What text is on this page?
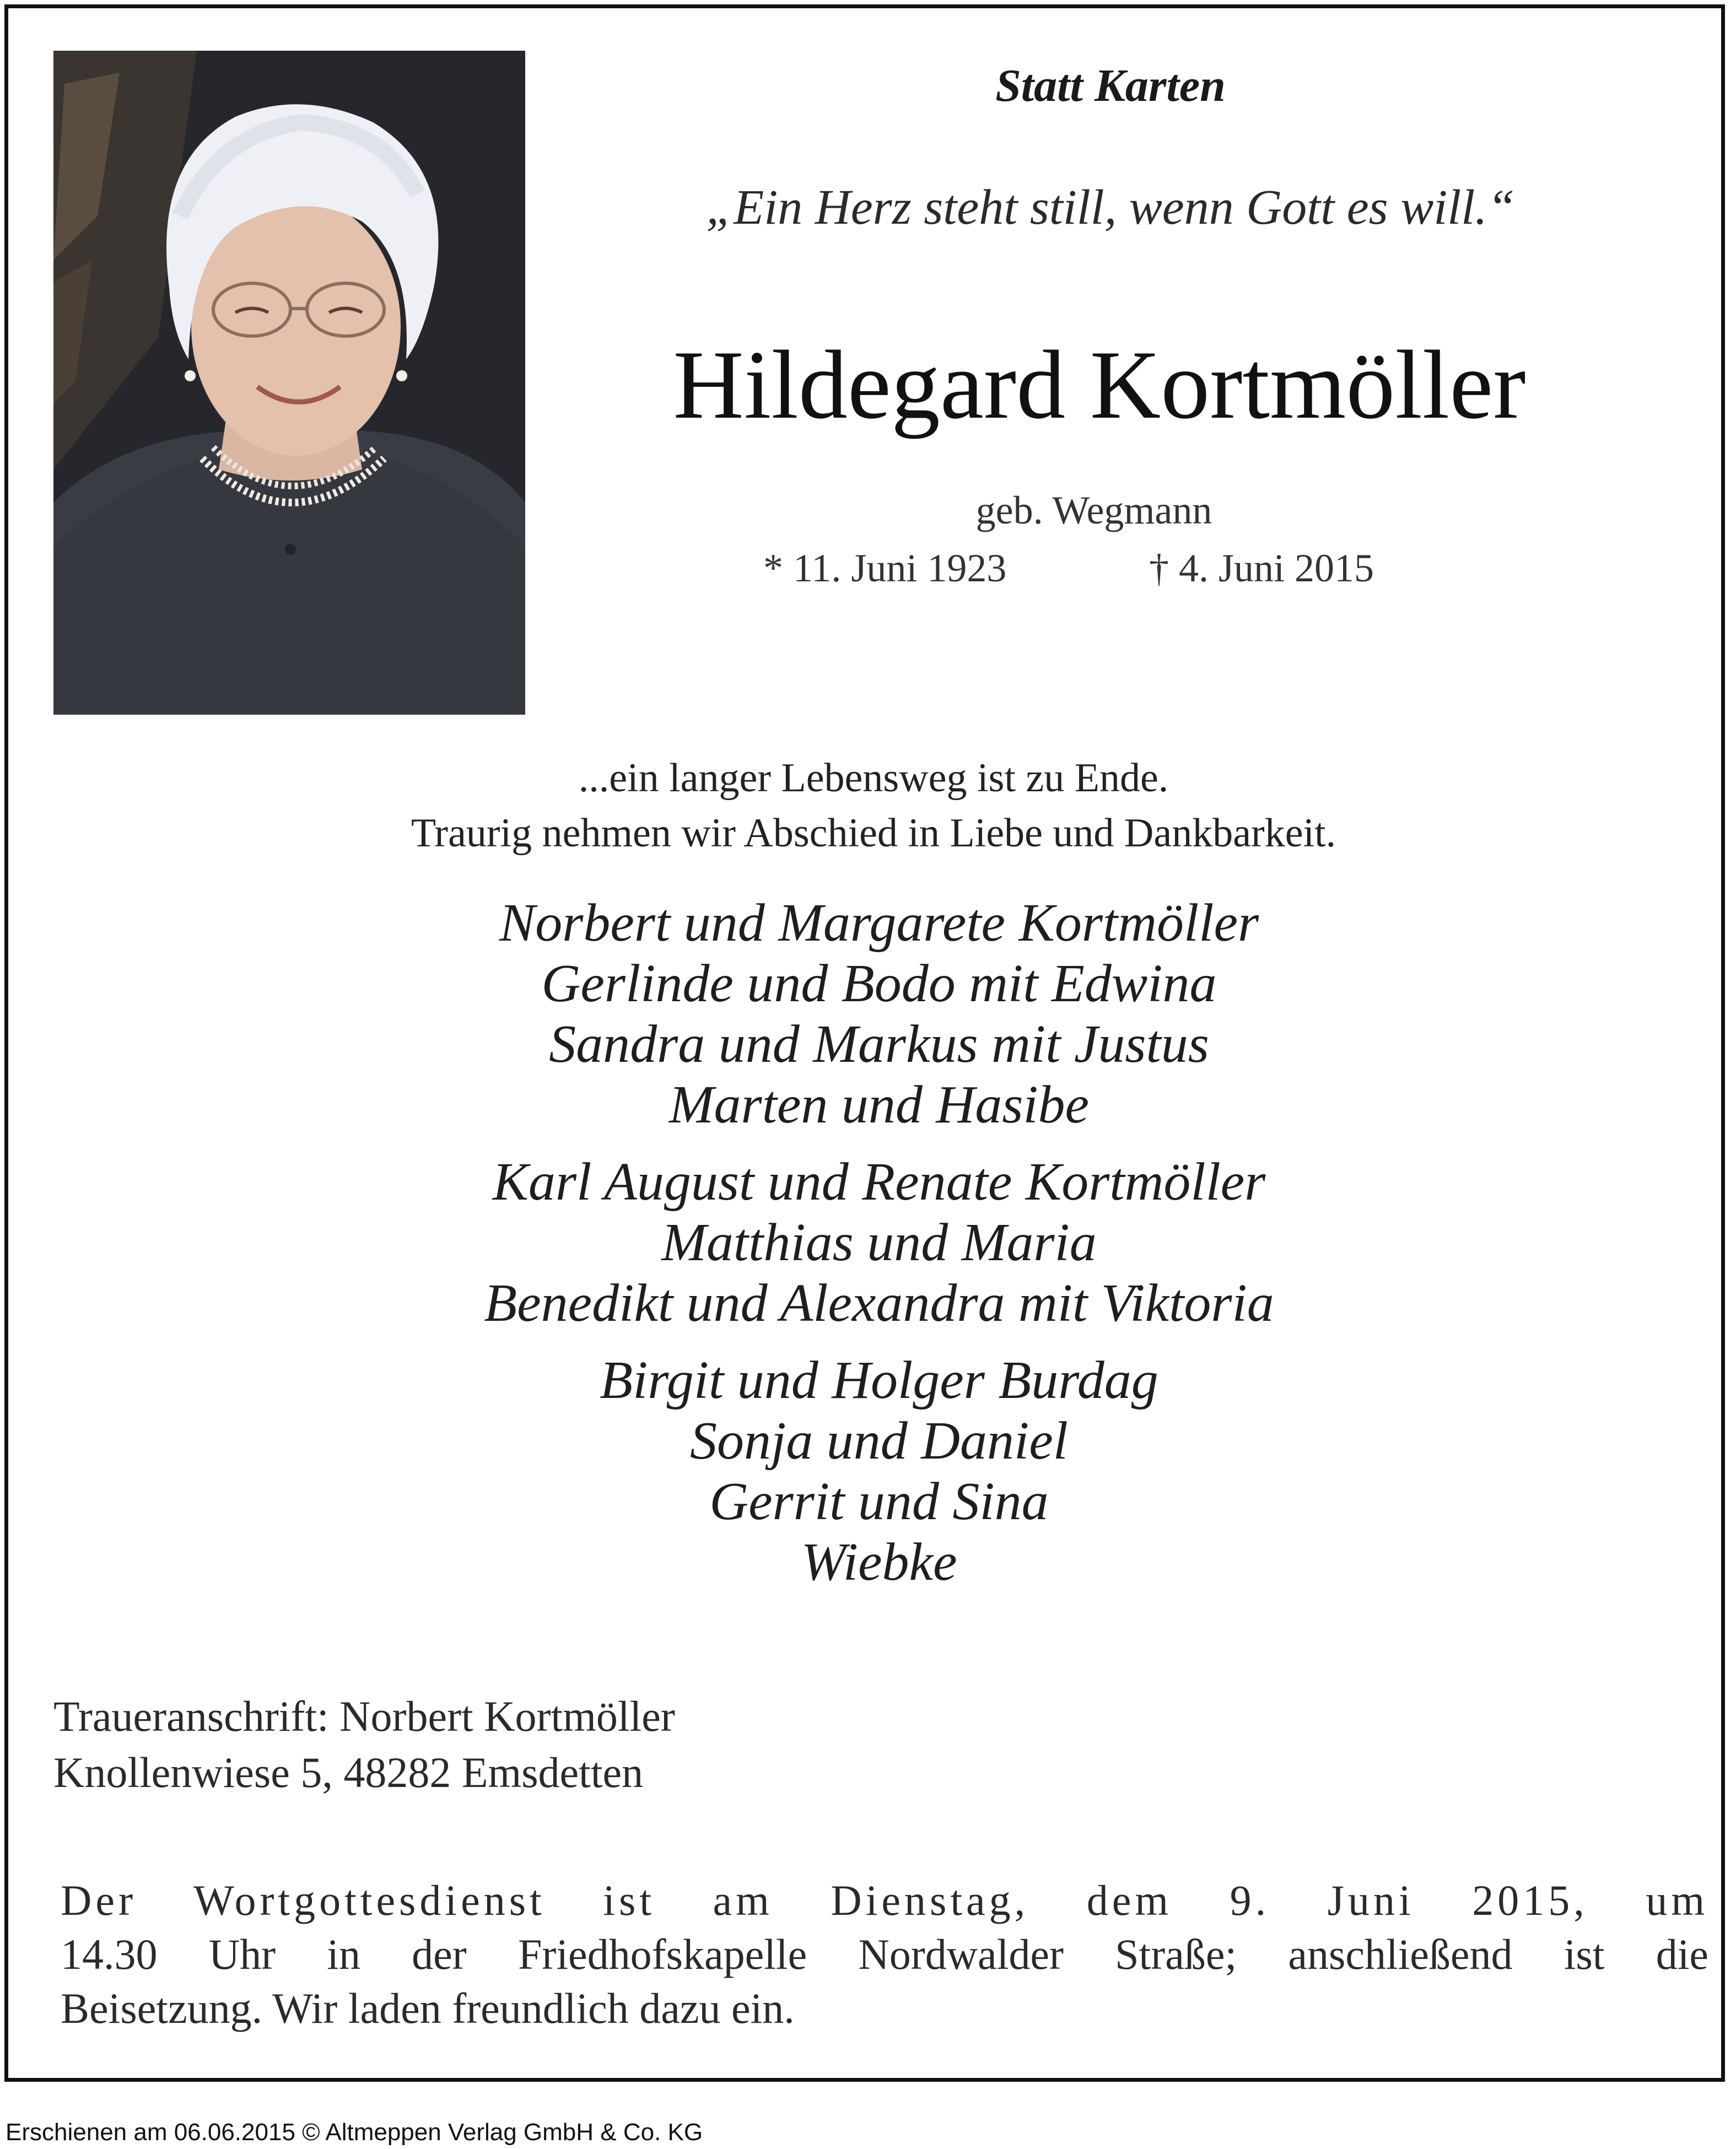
Statt Karten
„Ein Herz steht still, wenn Gott es will.“
Hildegard Kortmöller
geb. Wegmann
* 11. Juni 1923	† 4. Juni 2015
...ein langer Lebensweg ist zu Ende.
Traurig nehmen wir Abschied in Liebe und Dankbarkeit.
Norbert und Margarete Kortmöller
Gerlinde und Bodo mit Edwina
Sandra und Markus mit Justus
Marten und Hasibe
Karl August und Renate Kortmöller
Matthias und Maria
Benedikt und Alexandra mit Viktoria
Birgit und Holger Burdag
Sonja und Daniel
Gerrit und Sina
Wiebke
Traueranschrift: Norbert Kortmöller
Knollenwiese 5, 48282 Emsdetten
Der Wortgottesdienst ist am Dienstag, dem 9. Juni 2015, um
14.30 Uhr in der Friedhofskapelle Nordwalder Straße; anschließend ist die
Beisetzung. Wir laden freundlich dazu ein.
Erschienen am 06.06.2015 © Altmeppen Verlag GmbH & Co. KG
